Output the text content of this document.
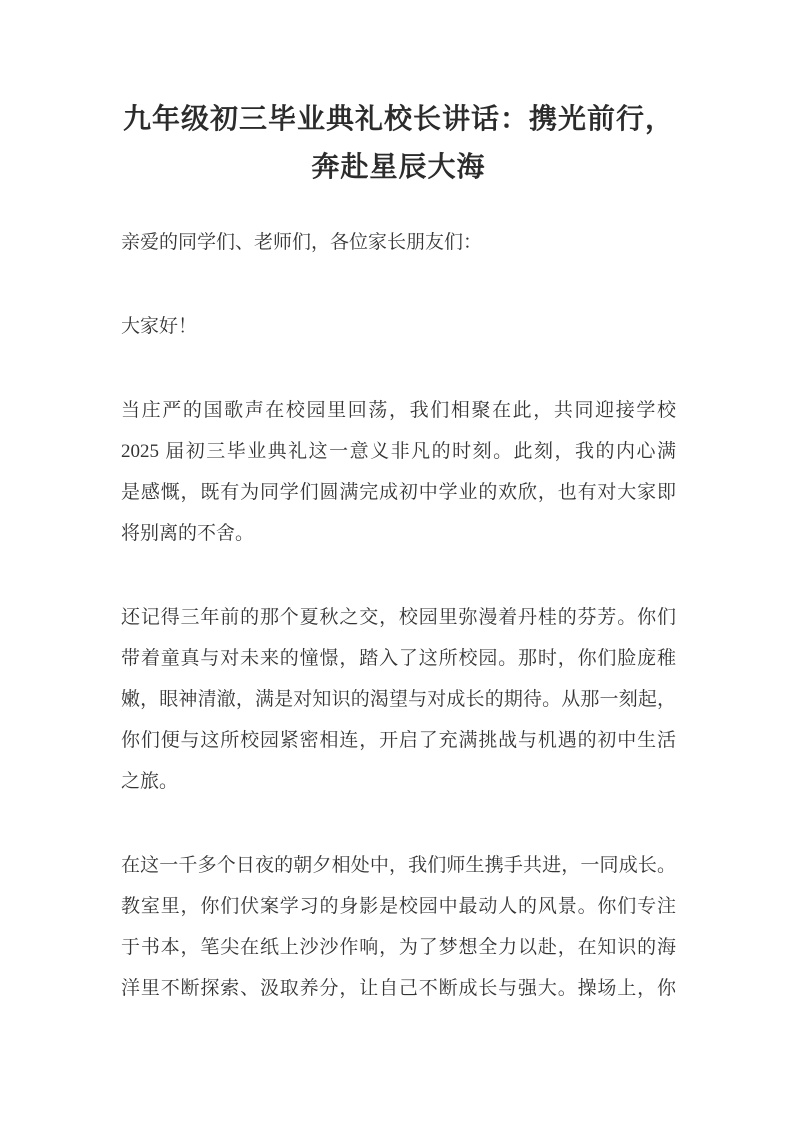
九年级初三毕业典礼校长讲话：携光前行，
奔赴星辰大海
亲爱的同学们、老师们，各位家长朋友们：
大家好！
当庄严的国歌声在校园里回荡，我们相聚在此，共同迎接学校
2025 届初三毕业典礼这一意义非凡的时刻。此刻，我的内心满
是感慨，既有为同学们圆满完成初中学业的欢欣，也有对大家即
将别离的不舍。
还记得三年前的那个夏秋之交，校园里弥漫着丹桂的芬芳。你们
带着童真与对未来的憧憬，踏入了这所校园。那时，你们脸庞稚
嫩，眼神清澈，满是对知识的渴望与对成长的期待。从那一刻起，
你们便与这所校园紧密相连，开启了充满挑战与机遇的初中生活
之旅。
在这一千多个日夜的朝夕相处中，我们师生携手共进，一同成长。
教室里，你们伏案学习的身影是校园中最动人的风景。你们专注
于书本，笔尖在纸上沙沙作响，为了梦想全力以赴，在知识的海
洋里不断探索、汲取养分，让自己不断成长与强大。操场上，你
